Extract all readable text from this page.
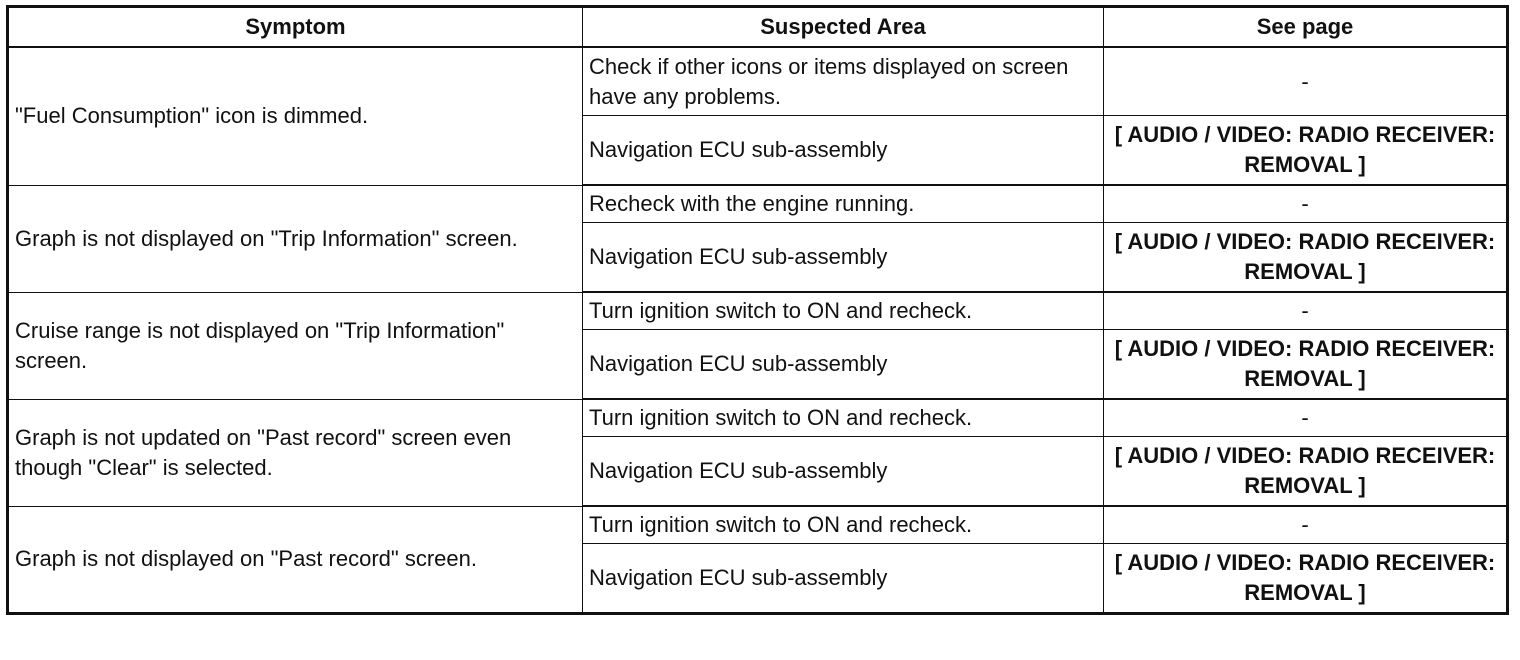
Symptom	Suspected Area	See page
"Fuel Consumption" icon is dimmed.	Check if other icons or items displayed on screen have any problems.	-
	Navigation ECU sub-assembly	[ AUDIO / VIDEO: RADIO RECEIVER: REMOVAL ]
Graph is not displayed on "Trip Information" screen.	Recheck with the engine running.	-
	Navigation ECU sub-assembly	[ AUDIO / VIDEO: RADIO RECEIVER: REMOVAL ]
Cruise range is not displayed on "Trip Information" screen.	Turn ignition switch to ON and recheck.	-
	Navigation ECU sub-assembly	[ AUDIO / VIDEO: RADIO RECEIVER: REMOVAL ]
Graph is not updated on "Past record" screen even though "Clear" is selected.	Turn ignition switch to ON and recheck.	-
	Navigation ECU sub-assembly	[ AUDIO / VIDEO: RADIO RECEIVER: REMOVAL ]
Graph is not displayed on "Past record" screen.	Turn ignition switch to ON and recheck.	-
	Navigation ECU sub-assembly	[ AUDIO / VIDEO: RADIO RECEIVER: REMOVAL ]
